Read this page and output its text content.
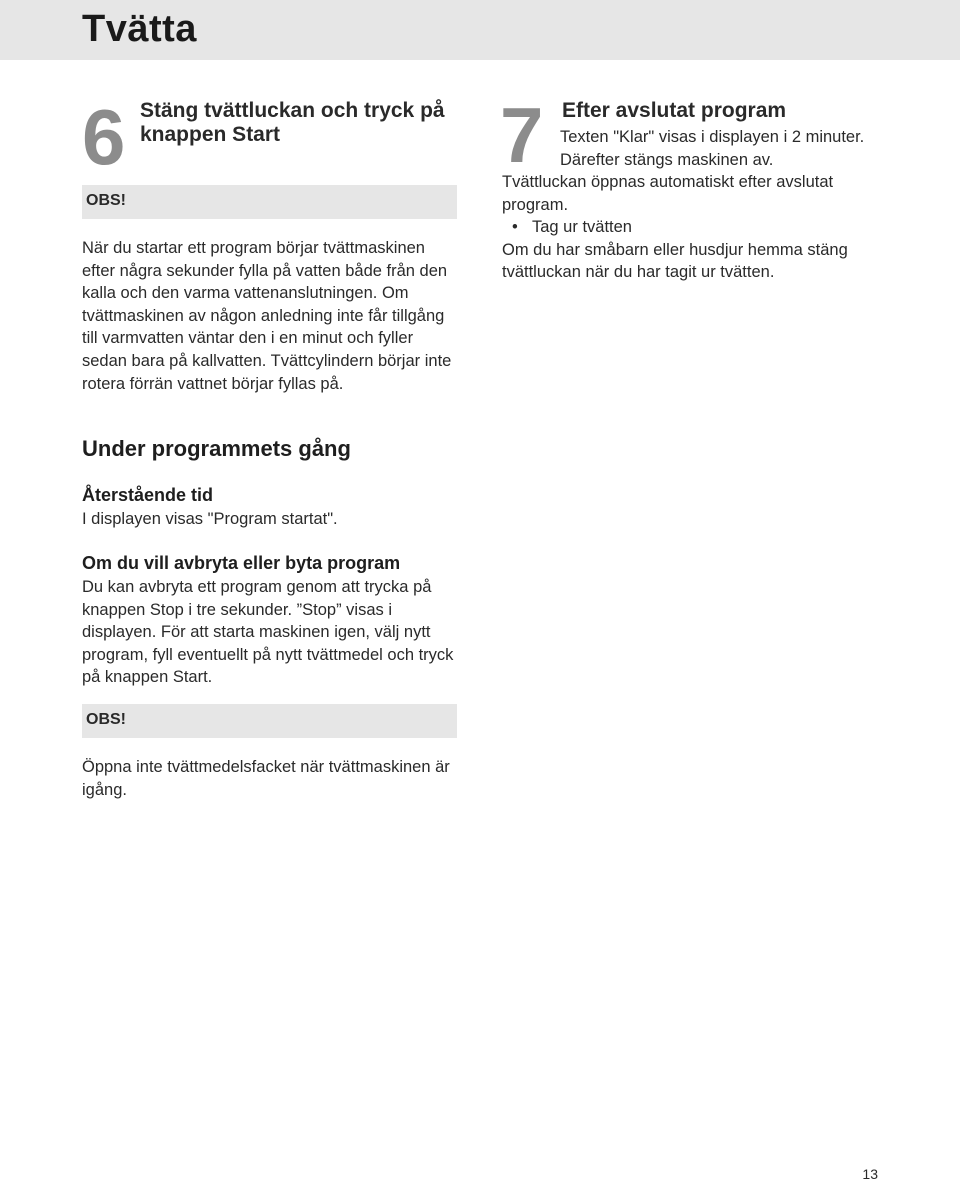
Tvätta
6 Stäng tvättluckan och tryck på knappen Start
OBS!

När du startar ett program börjar tvättmaskinen efter några sekunder fylla på vatten både från den kalla och den varma vattenanslutningen. Om tvättmaskinen av någon anledning inte får tillgång till varmvatten väntar den i en minut och fyller sedan bara på kallvatten. Tvättcylindern börjar inte rotera förrän vattnet börjar fyllas på.

7 Efter avslutat program

Texten "Klar" visas i displayen i 2 minuter. Därefter stängs maskinen av.

Tvättluckan öppnas automatiskt efter avslutat program.
• Tag ur tvätten
Om du har småbarn eller husdjur hemma stäng tvättluckan när du har tagit ur tvätten.
Under programmets gång
Återstående tid

I displayen visas "Program startat".

Om du vill avbryta eller byta program

Du kan avbryta ett program genom att trycka på knappen Stop i tre sekunder. ”Stop” visas i displayen. För att starta maskinen igen, välj nytt program, fyll eventuellt på nytt tvättmedel och tryck på knappen Start.

OBS!

Öppna inte tvättmedelsfacket när tvättmaskinen är igång.

13
